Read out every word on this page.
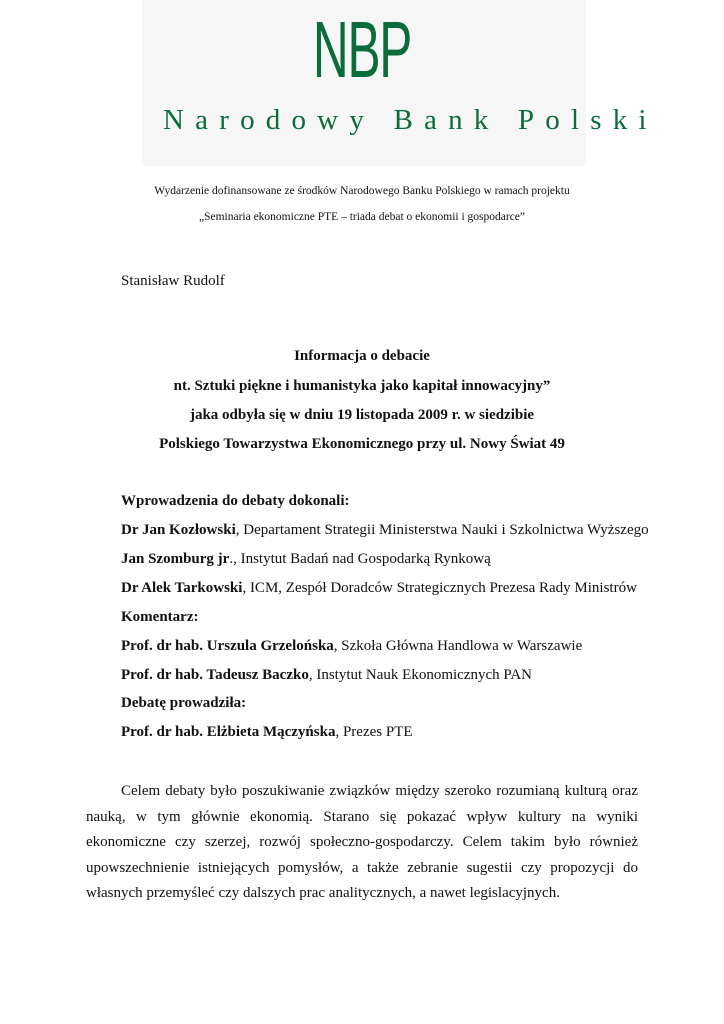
NBP
Narodowy Bank Polski
Wydarzenie dofinansowane ze środków Narodowego Banku Polskiego w ramach projektu
„Seminaria ekonomiczne PTE – triada debat o ekonomii i gospodarce”
Stanisław Rudolf
Informacja o debacie
nt. Sztuki piękne i humanistyka jako kapitał innowacyjny”
jaka odbyła się w dniu 19 listopada 2009 r. w siedzibie
Polskiego Towarzystwa Ekonomicznego przy ul. Nowy Świat 49
Wprowadzenia do debaty dokonali:
Dr Jan Kozłowski, Departament Strategii Ministerstwa Nauki i Szkolnictwa Wyższego
Jan Szomburg jr., Instytut Badań nad Gospodarką Rynkową
Dr Alek Tarkowski, ICM, Zespół Doradców Strategicznych Prezesa Rady Ministrów
Komentarz:
Prof. dr hab. Urszula Grzelońska, Szkoła Główna Handlowa w Warszawie
Prof. dr hab. Tadeusz Baczko, Instytut Nauk Ekonomicznych PAN
Debatę prowadziła:
Prof. dr hab. Elżbieta Mączyńska, Prezes PTE
Celem debaty było poszukiwanie związków między szeroko rozumianą kulturą oraz nauką, w tym głównie ekonomią. Starano się pokazać wpływ kultury na wyniki ekonomiczne czy szerzej, rozwój społeczno-gospodarczy. Celem takim było również upowszechnienie istniejących pomysłów, a także zebranie sugestii czy propozycji do własnych przemyśleć czy dalszych prac analitycznych, a nawet legislacyjnych.
